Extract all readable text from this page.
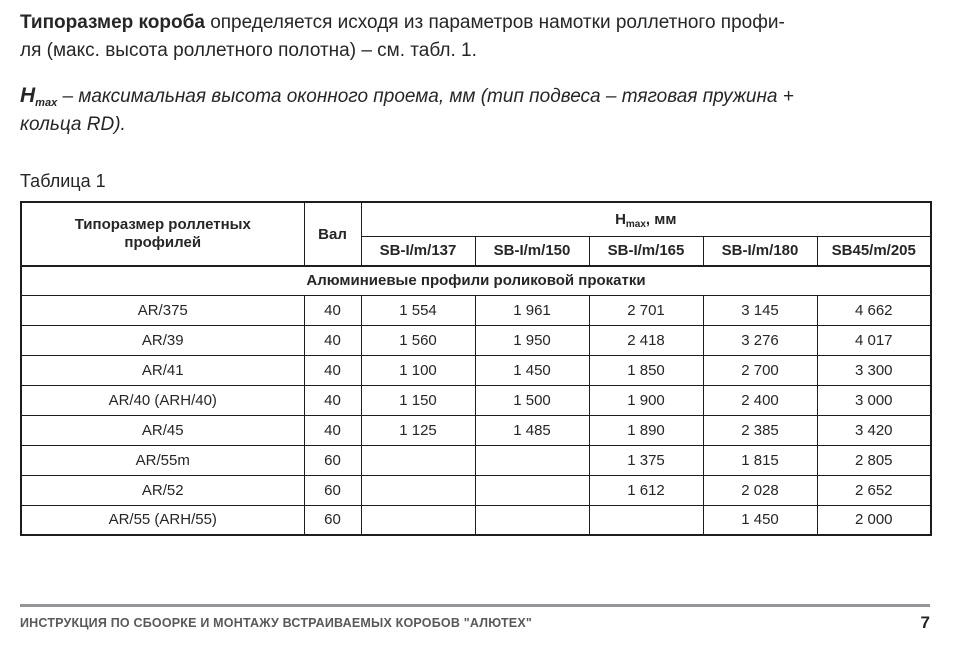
Типоразмер короба определяется исходя из параметров намотки роллетного профи-
ля (макс. высота роллетного полотна) – см. табл. 1.

$H_{max}$ – максимальная высота оконного проема, мм (тип подвеса – тяговая пружина +
кольца RD).

Таблица 1
Типоразмер роллетных профилей	Вал	$H_{max}$, мм				
		SB-I/m/137	SB-I/m/150	SB-I/m/165	SB-I/m/180	SB45/m/205
Алюминиевые профили роликовой прокатки						
AR/375	40	1 554	1 961	2 701	3 145	4 662
AR/39	40	1 560	1 950	2 418	3 276	4 017
AR/41	40	1 100	1 450	1 850	2 700	3 300
AR/40 (ARH/40)	40	1 150	1 500	1 900	2 400	3 000
AR/45	40	1 125	1 485	1 890	2 385	3 420
AR/55m	60			1 375	1 815	2 805
AR/52	60			1 612	2 028	2 652
AR/55 (ARH/55)	60				1 450	2 000
ИНСТРУКЦИЯ ПО СБООРКЕ И МОНТАЖУ ВСТРАИВАЕМЫХ КОРОБОВ "АЛЮТЕХ"	7
